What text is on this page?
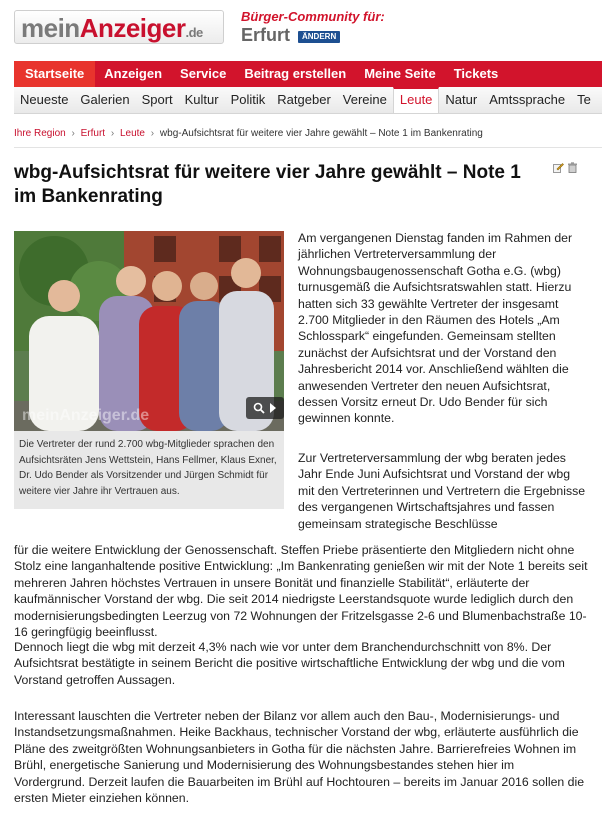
meinAnzeiger.de
Bürger-Community für:
Erfurt	ÄNDERN
Startseite	Anzeigen	Service	Beitrag erstellen	Meine Seite	Tickets
Neueste Galerien Sport Kultur Politik Ratgeber Vereine	Leute	Natur Amtssprache Te
Ihre Region › Erfurt › Leute › wbg-Aufsichtsrat für weitere vier Jahre gewählt – Note 1 im Bankenrating
wbg-Aufsichtsrat für weitere vier Jahre gewählt – Note 1 im Bankenrating
meinAnzeiger.de
Die Vertreter der rund 2.700 wbg-Mitglieder sprachen den Aufsichtsräten Jens Wettstein, Hans Fellmer, Klaus Exner, Dr. Udo Bender als Vorsitzender und Jürgen Schmidt für weitere vier Jahre ihr Vertrauen aus.

Am vergangenen Dienstag fanden im Rahmen der jährlichen Vertreterversammlung der Wohnungsbaugenossenschaft Gotha e.G. (wbg) turnusgemäß die Aufsichtsratswahlen statt. Hierzu hatten sich 33 gewählte Vertreter der insgesamt 2.700 Mitglieder in den Räumen des Hotels „Am Schlosspark“ eingefunden. Gemeinsam stellten zunächst der Aufsichtsrat und der Vorstand den Jahresbericht 2014 vor. Anschließend wählten die anwesenden Vertreter den neuen Aufsichtsrat, dessen Vorsitz erneut Dr. Udo Bender für sich gewinnen konnte.

Zur Vertreterversammlung der wbg beraten jedes Jahr Ende Juni Aufsichtsrat und Vorstand der wbg mit den Vertreterinnen und Vertretern die Ergebnisse des vergangenen Wirtschaftsjahres und fassen gemeinsam strategische Beschlüsse

für die weitere Entwicklung der Genossenschaft. Steffen Priebe präsentierte den Mitgliedern nicht ohne Stolz eine langanhaltende positive Entwicklung: „Im Bankenrating genießen wir mit der Note 1 bereits seit mehreren Jahren höchstes Vertrauen in unsere Bonität und finanzielle Stabilität“, erläuterte der kaufmännischer Vorstand der wbg. Die seit 2014 niedrigste Leerstandsquote wurde lediglich durch den modernisierungsbedingten Leerzug von 72 Wohnungen der Fritzelsgasse 2-6 und Blumenbachstraße 10-16 geringfügig beeinflusst.

Dennoch liegt die wbg mit derzeit 4,3% nach wie vor unter dem Branchendurchschnitt von 8%. Der Aufsichtsrat bestätigte in seinem Bericht die positive wirtschaftliche Entwicklung der wbg und die vom Vorstand getroffen Aussagen.

Interessant lauschten die Vertreter neben der Bilanz vor allem auch den Bau-, Modernisierungs- und Instandsetzungsmaßnahmen. Heike Backhaus, technischer Vorstand der wbg, erläuterte ausführlich die Pläne des zweitgrößten Wohnungsanbieters in Gotha für die nächsten Jahre. Barrierefreies Wohnen im Brühl, energetische Sanierung und Modernisierung des Wohnungsbestandes stehen hier im Vordergrund. Derzeit laufen die Bauarbeiten im Brühl auf Hochtouren – bereits im Januar 2016 sollen die ersten Mieter einziehen können.
